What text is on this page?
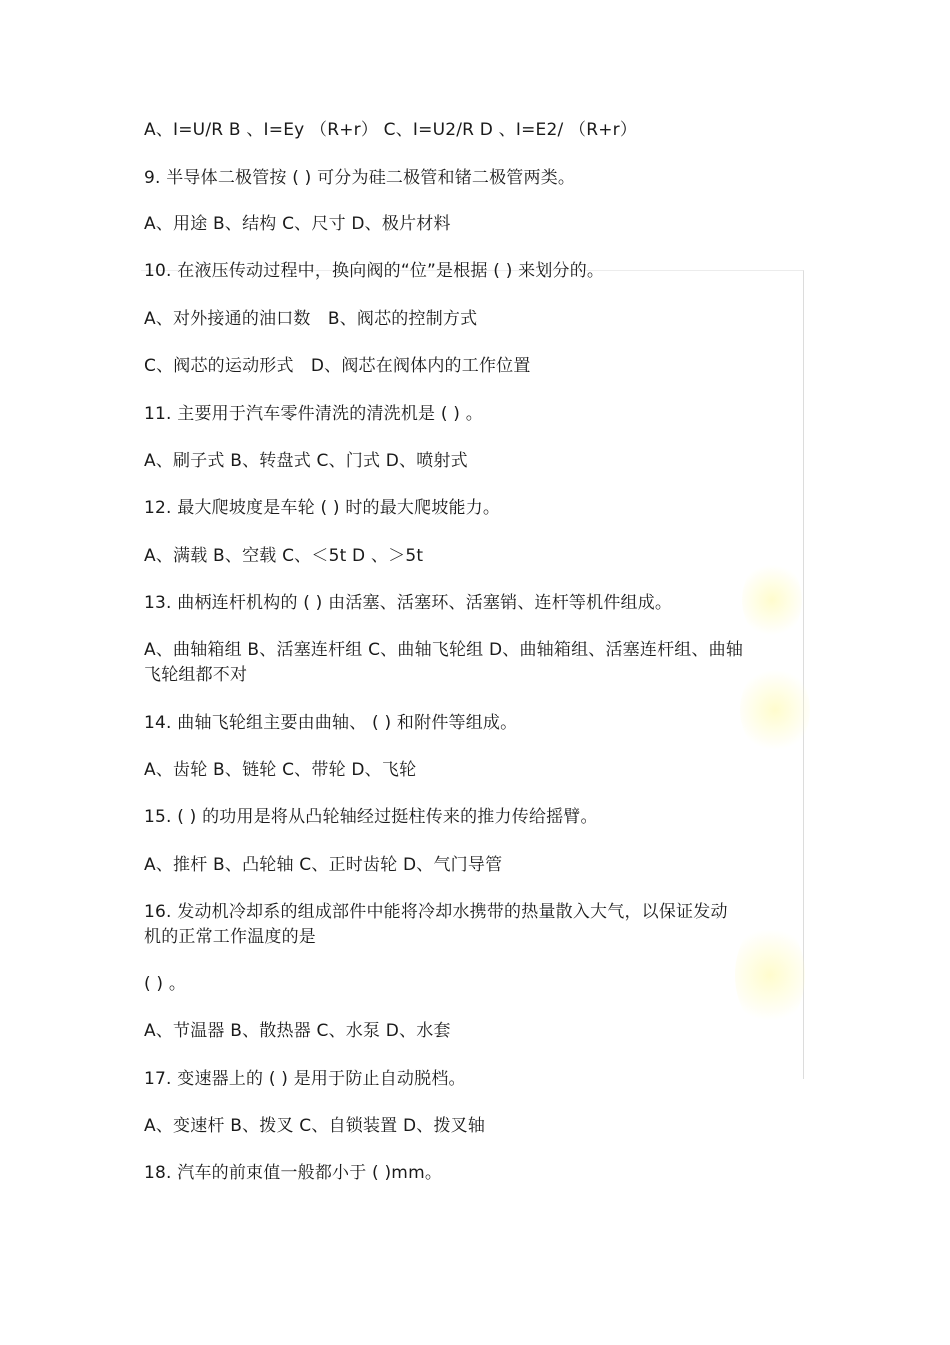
A、I=U/R B 、I=Ey （R+r） C、I=U2/R D 、I=E2/ （R+r）
9. 半导体二极管按 ( ) 可分为硅二极管和锗二极管两类。
A、用途 B、结构 C、尺寸 D、极片材料
10. 在液压传动过程中，换向阀的“位”是根据 ( ) 来划分的。
A、对外接通的油口数　B、阀芯的控制方式
C、阀芯的运动形式　D、阀芯在阀体内的工作位置
11. 主要用于汽车零件清洗的清洗机是 ( ) 。
A、刷子式 B、转盘式 C、门式 D、喷射式
12. 最大爬坡度是车轮 ( ) 时的最大爬坡能力。
A、满载 B、空载 C、＜5t D 、＞5t
13. 曲柄连杆机构的 ( ) 由活塞、活塞环、活塞销、连杆等机件组成。
A、曲轴箱组 B、活塞连杆组 C、曲轴飞轮组 D、曲轴箱组、活塞连杆组、曲轴
飞轮组都不对
14. 曲轴飞轮组主要由曲轴、 ( ) 和附件等组成。
A、齿轮 B、链轮 C、带轮 D、飞轮
15. ( ) 的功用是将从凸轮轴经过挺柱传来的推力传给摇臂。
A、推杆 B、凸轮轴 C、正时齿轮 D、气门导管
16. 发动机冷却系的组成部件中能将冷却水携带的热量散入大气，以保证发动
机的正常工作温度的是
( ) 。
A、节温器 B、散热器 C、水泵 D、水套
17. 变速器上的 ( ) 是用于防止自动脱档。
A、变速杆 B、拨叉 C、自锁装置 D、拨叉轴
18. 汽车的前束值一般都小于 ( )mm。
